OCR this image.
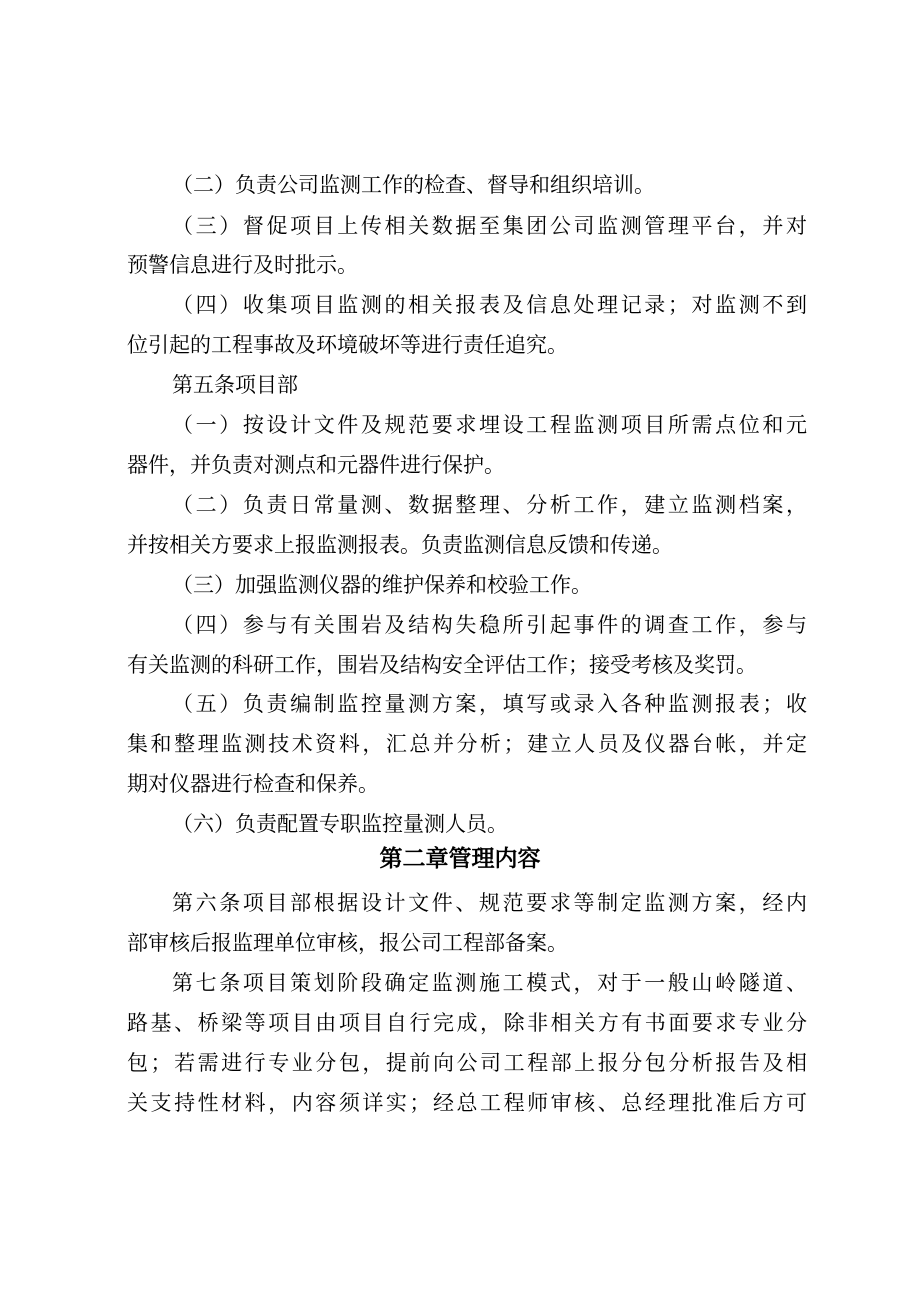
（二）负责公司监测工作的检查、督导和组织培训。
（三）督促项目上传相关数据至集团公司监测管理平台，并对
预警信息进行及时批示。
（四）收集项目监测的相关报表及信息处理记录；对监测不到
位引起的工程事故及环境破坏等进行责任追究。
第五条项目部
（一）按设计文件及规范要求埋设工程监测项目所需点位和元
器件，并负责对测点和元器件进行保护。
（二）负责日常量测、数据整理、分析工作，建立监测档案，
并按相关方要求上报监测报表。负责监测信息反馈和传递。
（三）加强监测仪器的维护保养和校验工作。
（四）参与有关围岩及结构失稳所引起事件的调查工作，参与
有关监测的科研工作，围岩及结构安全评估工作；接受考核及奖罚。
（五）负责编制监控量测方案，填写或录入各种监测报表；收
集和整理监测技术资料，汇总并分析；建立人员及仪器台帐，并定
期对仪器进行检查和保养。
（六）负责配置专职监控量测人员。
第二章管理内容
第六条项目部根据设计文件、规范要求等制定监测方案，经内
部审核后报监理单位审核，报公司工程部备案。
第七条项目策划阶段确定监测施工模式，对于一般山岭隧道、
路基、桥梁等项目由项目自行完成，除非相关方有书面要求专业分
包；若需进行专业分包，提前向公司工程部上报分包分析报告及相
关支持性材料，内容须详实；经总工程师审核、总经理批准后方可
